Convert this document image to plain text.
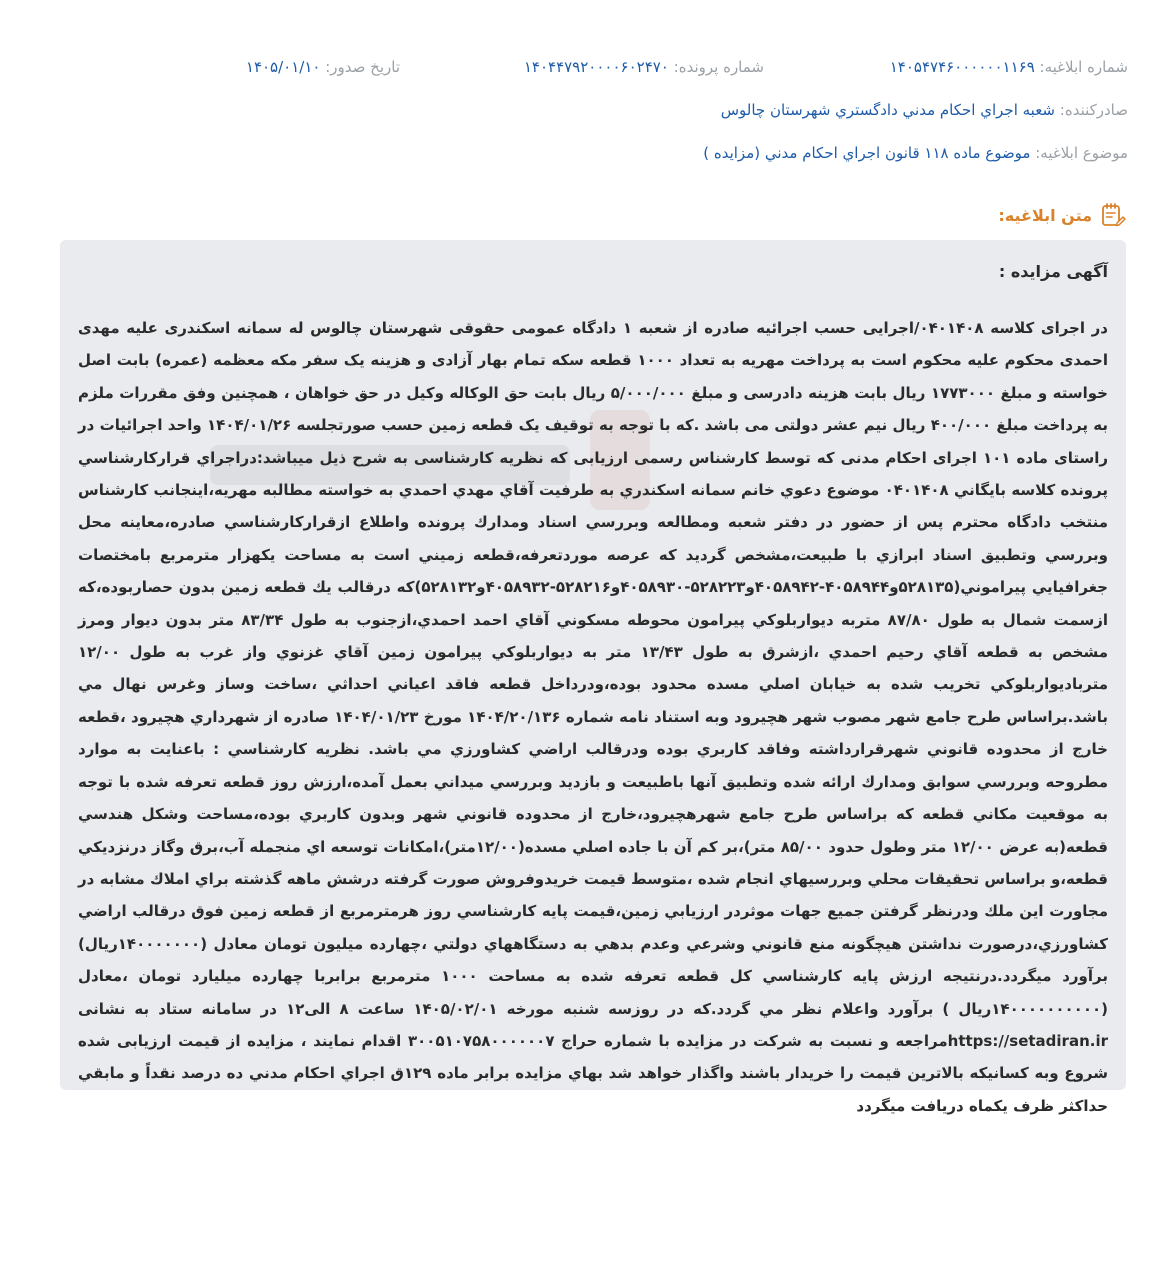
شماره ابلاغیه: ۱۴۰۵۴۷۴۶۰۰۰۰۰۰۱۱۶۹
شماره پرونده: ۱۴۰۴۴۷۹۲۰۰۰۰۶۰۲۴۷۰
تاریخ صدور: ۱۴۰۵/۰۱/۱۰
صادرکننده: شعبه اجراي احكام مدني دادگستري شهرستان چالوس
موضوع ابلاغیه: موضوع ماده ۱۱۸ قانون اجراي احكام مدني (مزايده )
متن ابلاغیه:
آگهی مزایده :
در اجرای کلاسه ۰۴۰۱۴۰۸/اجرایی حسب اجرائیه صادره از شعبه ۱ دادگاه عمومی حقوقی شهرستان چالوس له سمانه اسکندری علیه مهدی احمدی محکوم علیه محکوم است به پرداخت مهریه به تعداد ۱۰۰۰ قطعه سکه تمام بهار آزادی و هزینه یک سفر مکه معظمه (عمره) بابت اصل خواسته و مبلغ ۱۷۷۳۰۰۰ ریال بابت هزینه دادرسی و مبلغ ۵/۰۰۰/۰۰۰ ریال بابت حق الوکاله وکیل در حق خواهان ، همچنین وفق مقررات ملزم به پرداخت مبلغ ۴۰۰/۰۰۰ ریال نیم عشر دولتی می باشد .که با توجه به توقیف یک قطعه زمین حسب صورتجلسه ۱۴۰۴/۰۱/۲۶ واحد اجرائیات در راستای ماده ۱۰۱ اجرای احکام مدنی که توسط کارشناس رسمی ارزیابی که نظریه کارشناسی به شرح ذیل میباشد:دراجراي قراركارشناسي پرونده كلاسه بايگاني ۰۴۰۱۴۰۸ موضوع دعوي خانم سمانه اسكندري به طرفيت آقاي مهدي احمدي به خواسته مطالبه مهريه،اينجانب كارشناس منتخب دادگاه محترم پس از حضور در دفتر شعبه ومطالعه وبررسي اسناد ومدارك پرونده واطلاع ازقراركارشناسي صادره،معاينه محل وبررسي وتطبيق اسناد ابرازي با طبيعت،مشخص گرديد كه عرصه موردتعرفه،قطعه زميني است به مساحت يكهزار مترمربع بامختصات جغرافيايي پيراموني(۵۲۸۱۳۵و۴۰۵۸۹۴۴-۴۰۵۸۹۴۲و۵۲۸۲۲۳-۴۰۵۸۹۳۰و۵۲۸۲۱۶-۴۰۵۸۹۳۲و۵۲۸۱۳۲)كه درقالب يك قطعه زمين بدون حصاربوده،كه ازسمت شمال به طول ۸۷/۸۰ متربه ديواربلوكي پيرامون محوطه مسكوني آقاي احمد احمدي،ازجنوب به طول ۸۳/۳۴ متر بدون ديوار ومرز مشخص به قطعه آقاي رحيم احمدي ،ازشرق به طول ۱۳/۴۳ متر به ديواربلوكي پيرامون زمين آقاي غزنوي واز غرب به طول ۱۲/۰۰ متربادیواربلوكي تخريب شده به خيابان اصلي مسده محدود بوده،ودرداخل قطعه فاقد اعياني احداثي ،ساخت وساز وغرس نهال مي باشد.براساس طرح جامع شهر مصوب شهر هچيرود وبه استناد نامه شماره ۱۴۰۴/۲۰/۱۳۶ مورخ ۱۴۰۴/۰۱/۲۳ صادره از شهرداري هچيرود ،قطعه خارج از محدوده قانوني شهرقرارداشته وفاقد كاربري بوده ودرقالب اراضي كشاورزي مي باشد. نظريه كارشناسي : باعنايت به موارد مطروحه وبررسي سوابق ومدارك ارائه شده وتطبيق آنها باطبيعت و بازديد وبررسي ميداني بعمل آمده،ارزش روز قطعه تعرفه شده با توجه به موقعيت مكاني قطعه كه براساس طرح جامع شهرهچيرود،خارج از محدوده قانوني شهر وبدون كاربري بوده،مساحت وشكل هندسي قطعه(به عرض ۱۲/۰۰ متر وطول حدود ۸۵/۰۰ متر)،بر كم آن با جاده اصلي مسده(۱۲/۰۰متر)،امكانات توسعه اي منجمله آب،برق وگاز درنزديكي قطعه،و براساس تحقيقات محلي وبررسيهاي انجام شده ،متوسط قيمت خريدوفروش صورت گرفته درشش ماهه گذشته براي املاك مشابه در مجاورت اين ملك ودرنظر گرفتن جميع جهات موثردر ارزيابي زمين،قيمت پايه كارشناسي روز هرمترمربع از قطعه زمين فوق درقالب اراضي كشاورزي،درصورت نداشتن هيچگونه منع قانوني وشرعي وعدم بدهي به دستگاههاي دولتي ،چهارده ميليون تومان معادل (۱۴۰۰۰۰۰۰۰ريال) برآورد ميگردد.درنتيجه ارزش پايه كارشناسي كل قطعه تعرفه شده به مساحت ۱۰۰۰ مترمربع برابربا چهارده ميليارد تومان ،معادل (۱۴۰۰۰۰۰۰۰۰۰۰ريال ) برآورد واعلام نظر مي گردد.که در روزسه شنبه مورخه ۱۴۰۵/۰۲/۰۱ ساعت ۸ الی۱۲ در سامانه ستاد به نشانی https://setadiran.irمراجعه و نسبت به شرکت در مزایده با شماره حراج ۳۰۰۵۱۰۷۵۸۰۰۰۰۰۰۷ اقدام نمایند ، مزایده از قیمت ارزیابی شده شروع وبه کسانیکه بالاترین قیمت را خریدار باشند واگذار خواهد شد بهاي مزايده برابر ماده ۱۲۹ق اجراي احكام مدني ده درصد نقداً و مابقي حداكثر ظرف يكماه دريافت ميگردد
